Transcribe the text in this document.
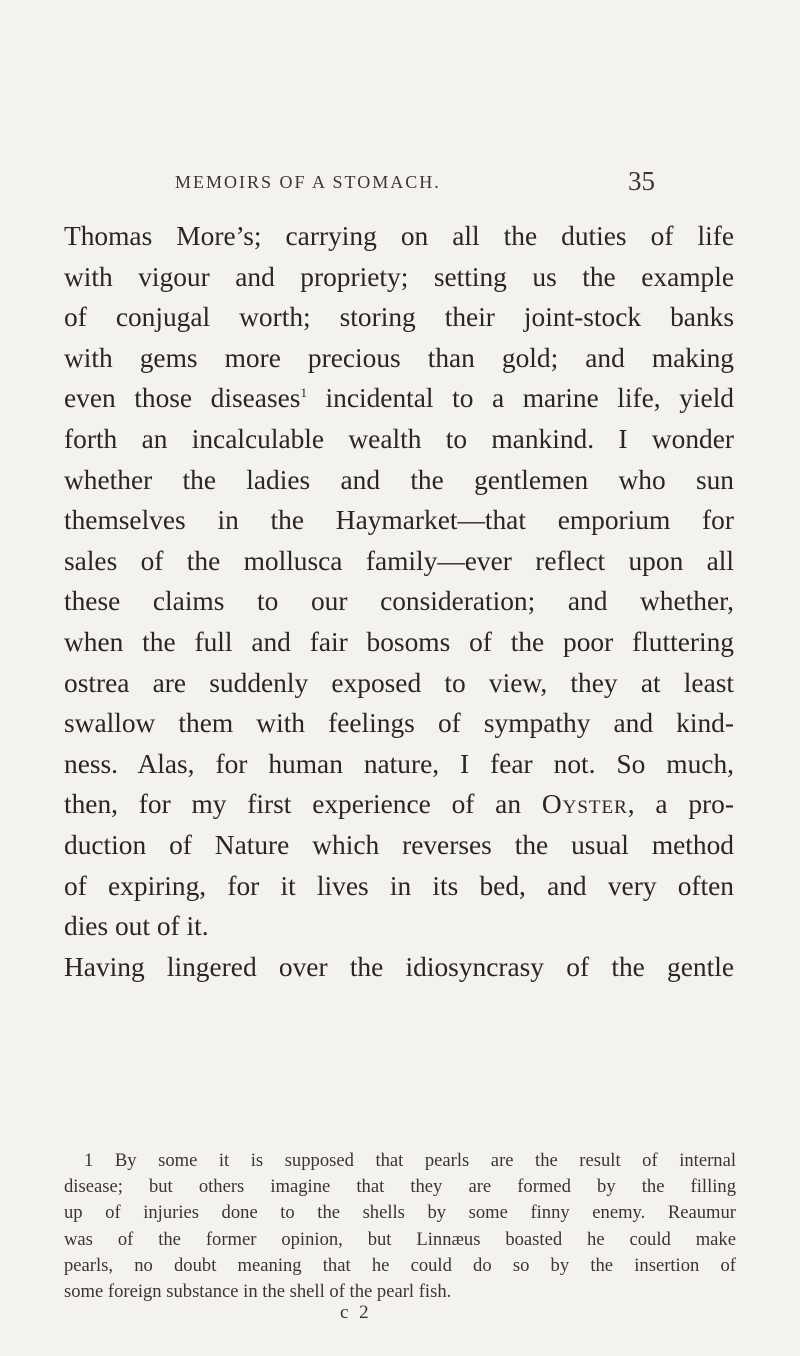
MEMOIRS OF A STOMACH.	35
Thomas More’s; carrying on all the duties of life
with vigour and propriety; setting us the example
of conjugal worth; storing their joint-stock banks
with gems more precious than gold; and making
even those diseases$^1$ incidental to a marine life, yield
forth an incalculable wealth to mankind. I wonder
whether the ladies and the gentlemen who sun
themselves in the Haymarket—that emporium for
sales of the mollusca family—ever reflect upon all
these claims to our consideration; and whether,
when the full and fair bosoms of the poor fluttering
ostrea are suddenly exposed to view, they at least
swallow them with feelings of sympathy and kind-
ness. Alas, for human nature, I fear not. So much,
then, for my first experience of an Oyster, a pro-
duction of Nature which reverses the usual method
of expiring, for it lives in its bed, and very often
dies out of it.
Having lingered over the idiosyncrasy of the gentle
1 By some it is supposed that pearls are the result of internal
disease; but others imagine that they are formed by the filling
up of injuries done to the shells by some finny enemy. Reaumur
was of the former opinion, but Linnæus boasted he could make
pearls, no doubt meaning that he could do so by the insertion of
some foreign substance in the shell of the pearl fish.
c 2
